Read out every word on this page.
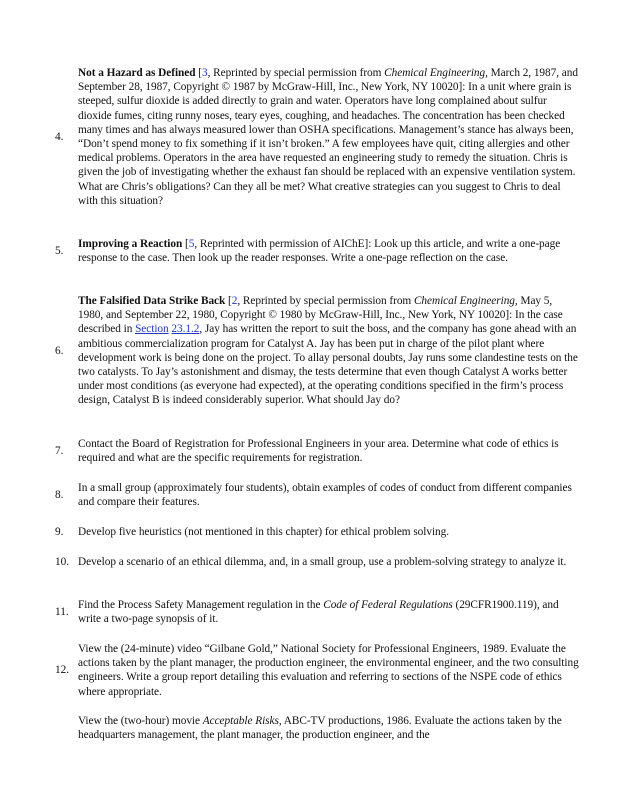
4.
Not a Hazard as Defined [3, Reprinted by special permission from Chemical Engineering, March 2, 1987, and September 28, 1987, Copyright © 1987 by McGraw-Hill, Inc., New York, NY 10020]: In a unit where grain is steeped, sulfur dioxide is added directly to grain and water. Operators have long complained about sulfur dioxide fumes, citing runny noses, teary eyes, coughing, and headaches. The concentration has been checked many times and has always measured lower than OSHA specifications. Management’s stance has always been, “Don’t spend money to fix something if it isn’t broken.” A few employees have quit, citing allergies and other medical problems. Operators in the area have requested an engineering study to remedy the situation. Chris is given the job of investigating whether the exhaust fan should be replaced with an expensive ventilation system. What are Chris’s obligations? Can they all be met? What creative strategies can you suggest to Chris to deal with this situation?
5.
Improving a Reaction [5, Reprinted with permission of AIChE]: Look up this article, and write a one-page response to the case. Then look up the reader responses. Write a one-page reflection on the case.
6.
The Falsified Data Strike Back [2, Reprinted by special permission from Chemical Engineering, May 5, 1980, and September 22, 1980, Copyright © 1980 by McGraw-Hill, Inc., New York, NY 10020]: In the case described in Section 23.1.2, Jay has written the report to suit the boss, and the company has gone ahead with an ambitious commercialization program for Catalyst A. Jay has been put in charge of the pilot plant where development work is being done on the project. To allay personal doubts, Jay runs some clandestine tests on the two catalysts. To Jay’s astonishment and dismay, the tests determine that even though Catalyst A works better under most conditions (as everyone had expected), at the operating conditions specified in the firm’s process design, Catalyst B is indeed considerably superior. What should Jay do?
7.
Contact the Board of Registration for Professional Engineers in your area. Determine what code of ethics is required and what are the specific requirements for registration.
8.
In a small group (approximately four students), obtain examples of codes of conduct from different companies and compare their features.
9.	Develop five heuristics (not mentioned in this chapter) for ethical problem solving.
10. Develop a scenario of an ethical dilemma, and, in a small group, use a problem-solving strategy to analyze it.
11.
Find the Process Safety Management regulation in the Code of Federal Regulations (29CFR1900.119), and write a two-page synopsis of it.
12.
View the (24-minute) video “Gilbane Gold,” National Society for Professional Engineers, 1989. Evaluate the actions taken by the plant manager, the production engineer, the environmental engineer, and the two consulting engineers. Write a group report detailing this evaluation and referring to sections of the NSPE code of ethics where appropriate.
View the (two-hour) movie Acceptable Risks, ABC-TV productions, 1986. Evaluate the actions taken by the headquarters management, the plant manager, the production engineer, and the
